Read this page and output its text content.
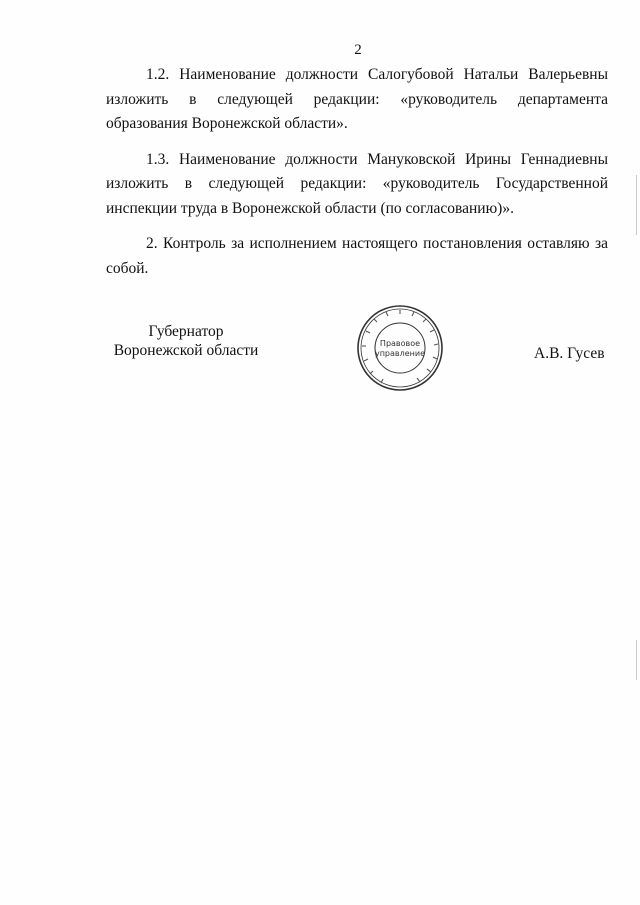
2

1.2. Наименование должности Салогубовой Натальи Валерьевны изложить в следующей редакции: «руководитель департамента образования Воронежской области».

1.3. Наименование должности Мануковской Ирины Геннадиевны изложить в следующей редакции: «руководитель Государственной инспекции труда в Воронежской области (по согласованию)».

2. Контроль за исполнением настоящего постановления оставляю за собой.

Губернатор
Воронежской области	Правовое
управление	А.В. Гусев
